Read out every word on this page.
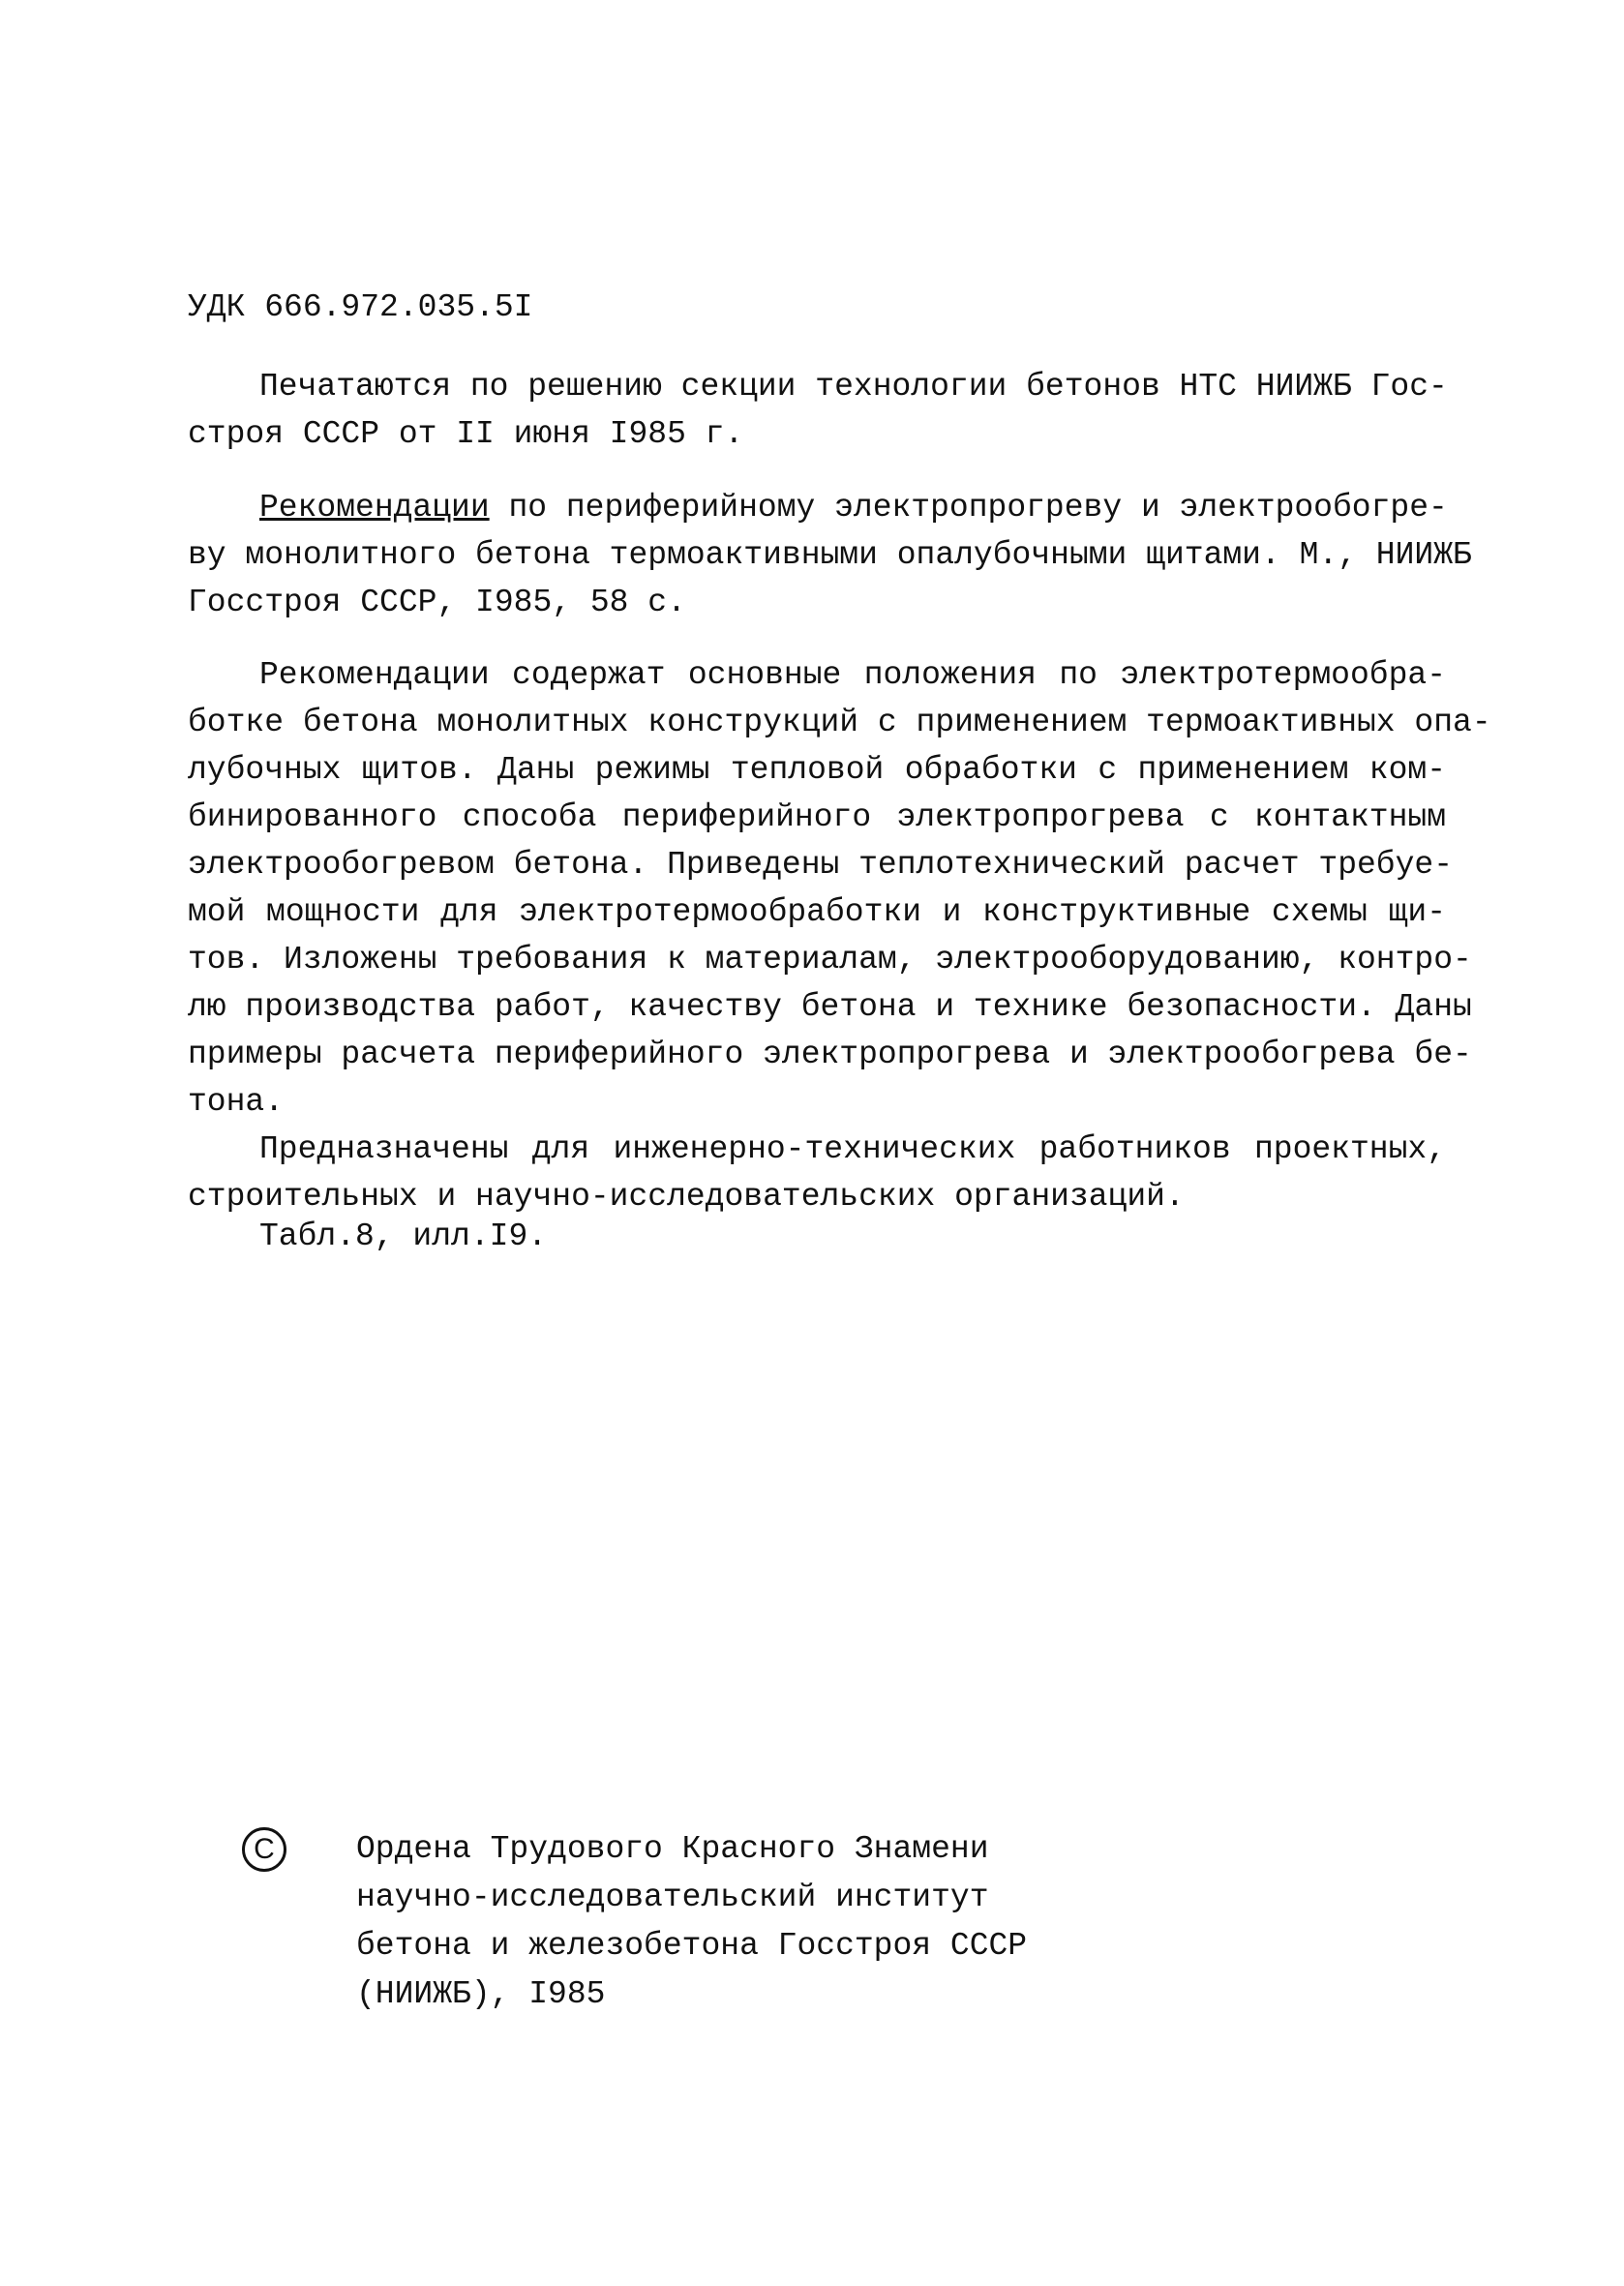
УДК 666.972.035.5I
Печатаются по решению секции технологии бетонов НТС НИИЖБ Гос-
строя СССР от II июня I985 г.
Рекомендации по периферийному электропрогреву и электрообогре-
ву монолитного бетона термоактивными опалубочными щитами. М., НИИЖБ
Госстроя СССР, I985, 58 с.
Рекомендации содержат основные положения по электротермообра-
ботке бетона монолитных конструкций с применением термоактивных опа-
лубочных щитов. Даны режимы тепловой обработки с применением ком-
бинированного способа периферийного электропрогрева с контактным
электрообогревом бетона. Приведены теплотехнический расчет требуе-
мой мощности для электротермообработки и конструктивные схемы щи-
тов. Изложены требования к материалам, электрооборудованию, контро-
лю производства работ, качеству бетона и технике безопасности. Даны
примеры расчета периферийного электропрогрева и электрообогрева бе-
тона.
Предназначены для инженерно-технических работников проектных,
строительных и научно-исследовательских организаций.
Табл.8, илл.I9.
C	Ордена Трудового Красного Знамени
научно-исследовательский институт
бетона и железобетона Госстроя СССР
(НИИЖБ), I985
